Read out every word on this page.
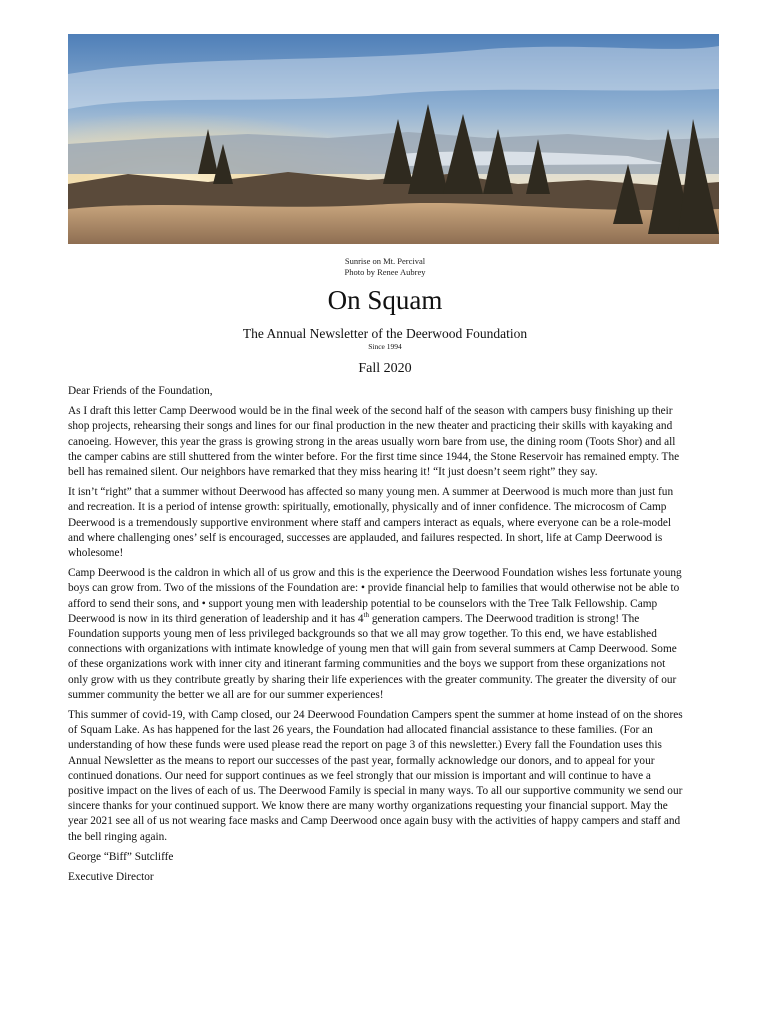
Sunrise on Mt. Percival
Photo by Renee Aubrey
On Squam
The Annual Newsletter of the Deerwood Foundation
Since 1994
Fall 2020

Dear Friends of the Foundation,

As I draft this letter Camp Deerwood would be in the final week of the second half of the season with campers busy finishing up their shop projects, rehearsing their songs and lines for our final production in the new theater and practicing their skills with kayaking and canoeing. However, this year the grass is growing strong in the areas usually worn bare from use, the dining room (Toots Shor) and all the camper cabins are still shuttered from the winter before. For the first time since 1944, the Stone Reservoir has remained empty. The bell has remained silent. Our neighbors have remarked that they miss hearing it! “It just doesn’t seem right” they say.

It isn’t “right” that a summer without Deerwood has affected so many young men. A summer at Deerwood is much more than just fun and recreation. It is a period of intense growth: spiritually, emotionally, physically and of inner confidence. The microcosm of Camp Deerwood is a tremendously supportive environment where staff and campers interact as equals, where everyone can be a role-model and where challenging ones’ self is encouraged, successes are applauded, and failures respected. In short, life at Camp Deerwood is wholesome!

Camp Deerwood is the caldron in which all of us grow and this is the experience the Deerwood Foundation wishes less fortunate young boys can grow from. Two of the missions of the Foundation are: • provide financial help to families that would otherwise not be able to afford to send their sons, and • support young men with leadership potential to be counselors with the Tree Talk Fellowship. Camp Deerwood is now in its third generation of leadership and it has 4th generation campers. The Deerwood tradition is strong! The Foundation supports young men of less privileged backgrounds so that we all may grow together. To this end, we have established connections with organizations with intimate knowledge of young men that will gain from several summers at Camp Deerwood. Some of these organizations work with inner city and itinerant farming communities and the boys we support from these organizations not only grow with us they contribute greatly by sharing their life experiences with the greater community. The greater the diversity of our summer community the better we all are for our summer experiences!

This summer of covid-19, with Camp closed, our 24 Deerwood Foundation Campers spent the summer at home instead of on the shores of Squam Lake. As has happened for the last 26 years, the Foundation had allocated financial assistance to these families. (For an understanding of how these funds were used please read the report on page 3 of this newsletter.) Every fall the Foundation uses this Annual Newsletter as the means to report our successes of the past year, formally acknowledge our donors, and to appeal for your continued donations. Our need for support continues as we feel strongly that our mission is important and will continue to have a positive impact on the lives of each of us. The Deerwood Family is special in many ways. To all our supportive community we send our sincere thanks for your continued support. We know there are many worthy organizations requesting your financial support. May the year 2021 see all of us not wearing face masks and Camp Deerwood once again busy with the activities of happy campers and staff and the bell ringing again.

George “Biff” Sutcliffe

Executive Director
